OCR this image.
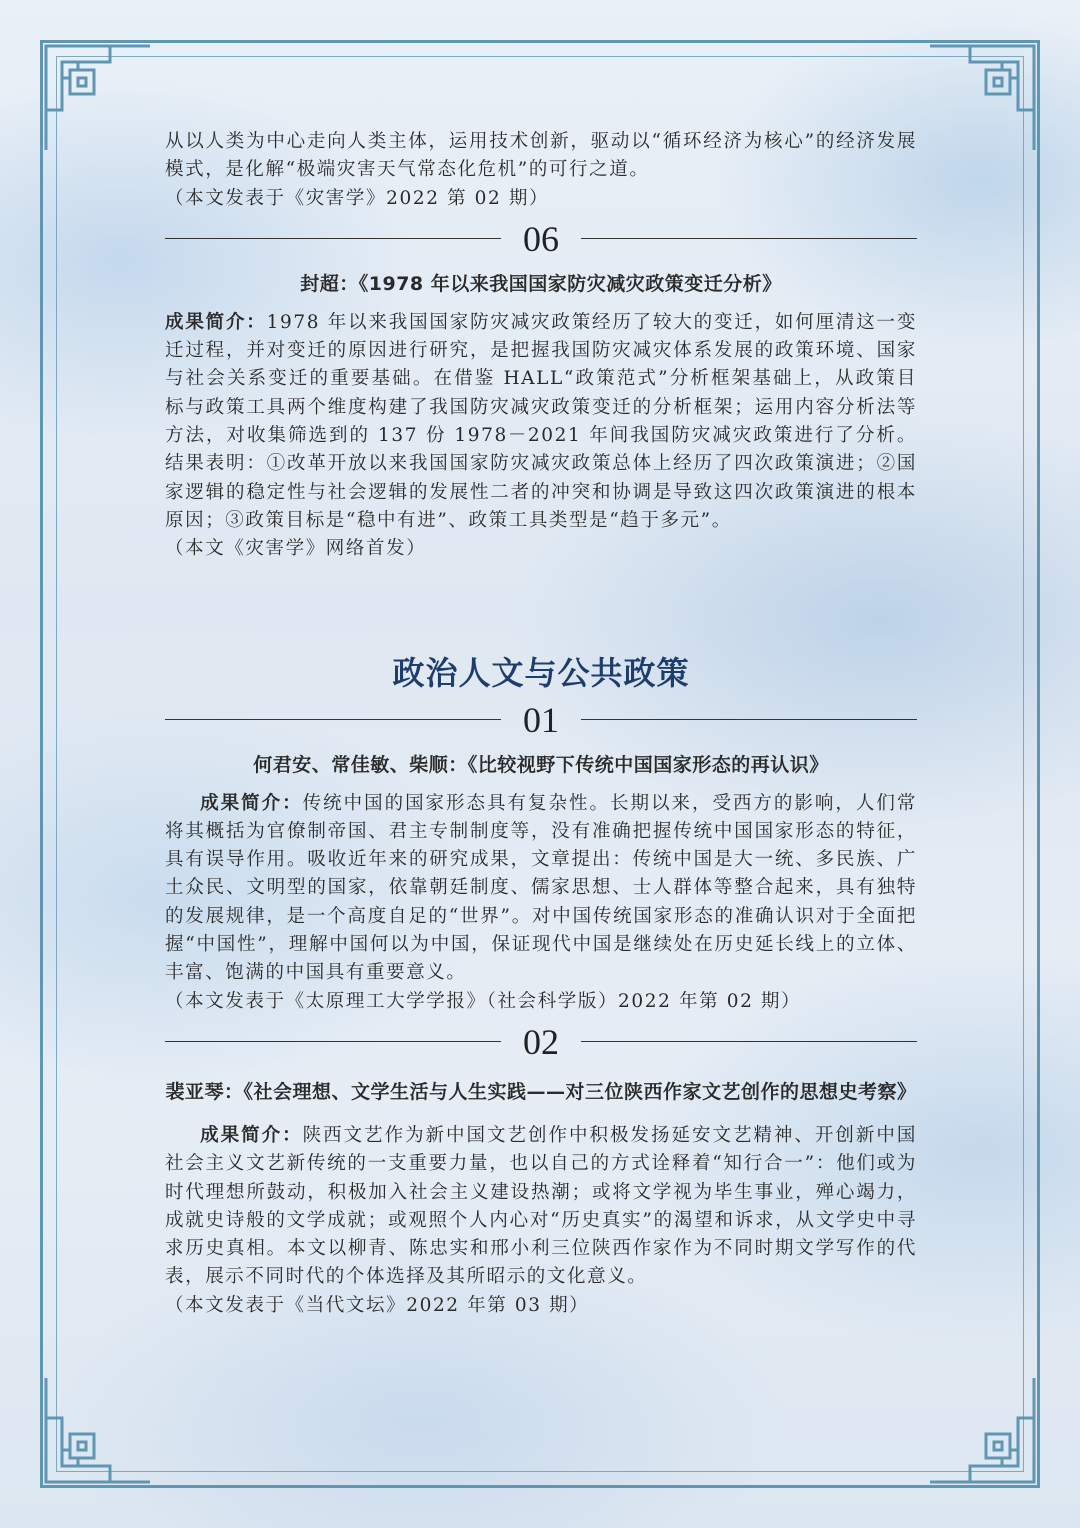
从以人类为中心走向人类主体，运用技术创新，驱动以“循环经济为核心”的经济发展模式，是化解“极端灾害天气常态化危机”的可行之道。

（本文发表于《灾害学》2022 第 02 期）

06
封超：《1978 年以来我国国家防灾减灾政策变迁分析》

成果简介：1978 年以来我国国家防灾减灾政策经历了较大的变迁，如何厘清这一变迁过程，并对变迁的原因进行研究，是把握我国防灾减灾体系发展的政策环境、国家与社会关系变迁的重要基础。在借鉴 HALL“政策范式”分析框架基础上，从政策目标与政策工具两个维度构建了我国防灾减灾政策变迁的分析框架；运用内容分析法等方法，对收集筛选到的 137 份 1978－2021 年间我国防灾减灾政策进行了分析。结果表明：①改革开放以来我国国家防灾减灾政策总体上经历了四次政策演进；②国家逻辑的稳定性与社会逻辑的发展性二者的冲突和协调是导致这四次政策演进的根本原因；③政策目标是“稳中有进”、政策工具类型是“趋于多元”。

（本文《灾害学》网络首发）

政治人文与公共政策
01
何君安、常佳敏、柴顺：《比较视野下传统中国国家形态的再认识》

成果简介：传统中国的国家形态具有复杂性。长期以来，受西方的影响，人们常将其概括为官僚制帝国、君主专制制度等，没有准确把握传统中国国家形态的特征，具有误导作用。吸收近年来的研究成果，文章提出：传统中国是大一统、多民族、广土众民、文明型的国家，依靠朝廷制度、儒家思想、士人群体等整合起来，具有独特的发展规律，是一个高度自足的“世界”。对中国传统国家形态的准确认识对于全面把握“中国性”，理解中国何以为中国，保证现代中国是继续处在历史延长线上的立体、丰富、饱满的中国具有重要意义。

（本文发表于《太原理工大学学报》（社会科学版）2022 年第 02 期）

02
裴亚琴：《社会理想、文学生活与人生实践——对三位陕西作家文艺创作的思想史考察》

成果简介：陕西文艺作为新中国文艺创作中积极发扬延安文艺精神、开创新中国社会主义文艺新传统的一支重要力量，也以自己的方式诠释着“知行合一”：他们或为时代理想所鼓动，积极加入社会主义建设热潮；或将文学视为毕生事业，殚心竭力，成就史诗般的文学成就；或观照个人内心对“历史真实”的渴望和诉求，从文学史中寻求历史真相。本文以柳青、陈忠实和邢小利三位陕西作家作为不同时期文学写作的代表，展示不同时代的个体选择及其所昭示的文化意义。

（本文发表于《当代文坛》2022 年第 03 期）
